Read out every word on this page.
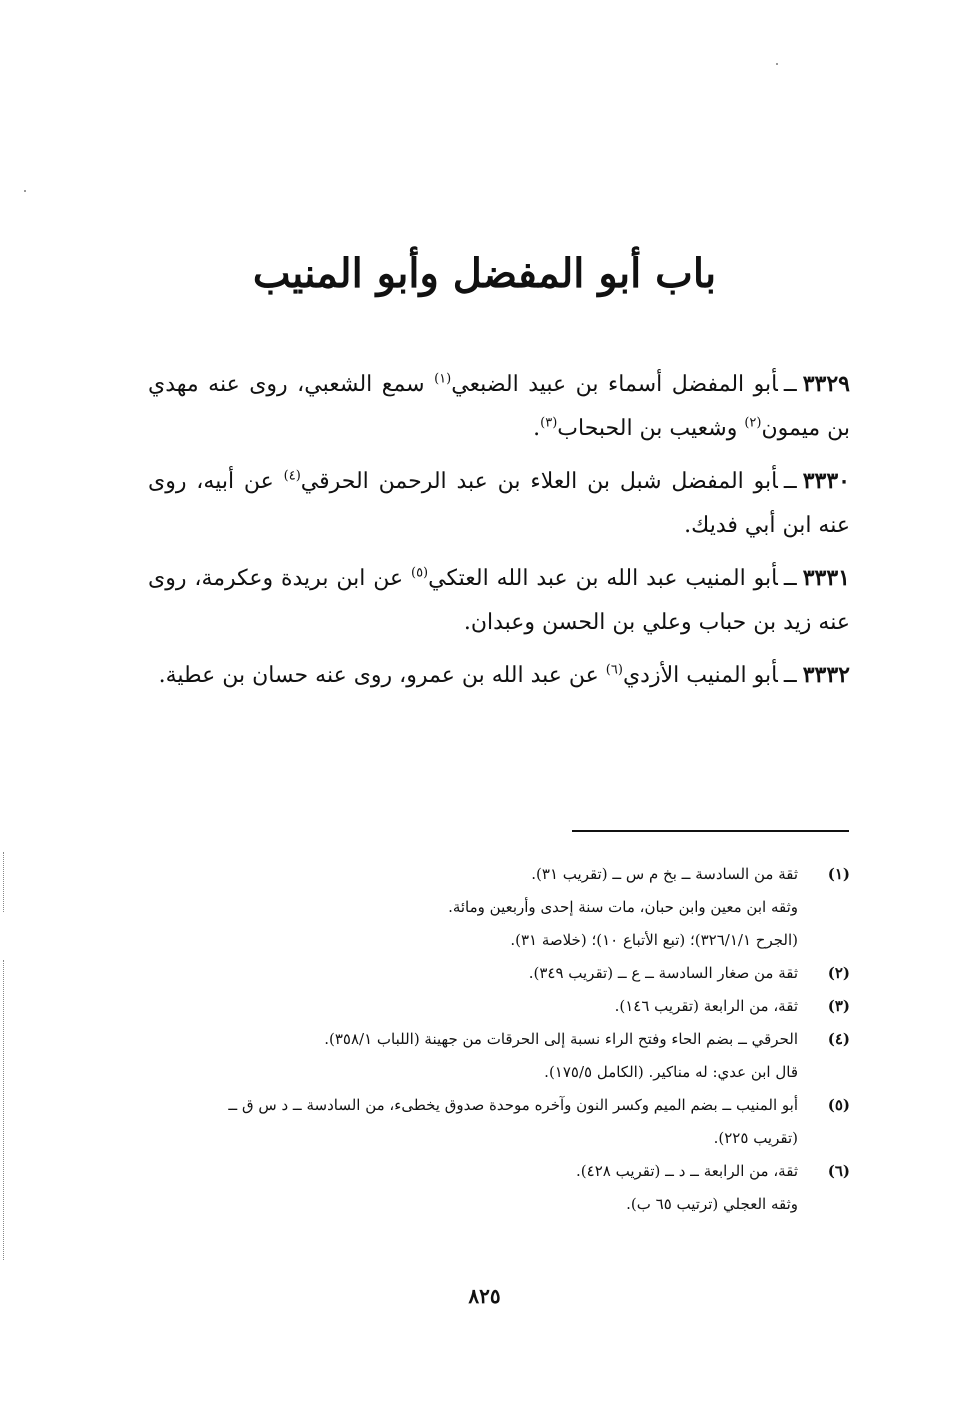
باب أبو المفضل وأبو المنيب
٣٣٢٩ــأبو المفضل أسماء بن عبيد الضبعي$^{(١)}$ سمع الشعبي، روى عنه مهدي بن ميمون$^{(٢)}$ وشعيب بن الحبحاب$^{(٣)}$.
٣٣٣٠ــأبو المفضل شبل بن العلاء بن عبد الرحمن الحرقي$^{(٤)}$ عن أبيه، روى عنه ابن أبي فديك.
٣٣٣١ــأبو المنيب عبد الله بن عبد الله العتكي$^{(٥)}$ عن ابن بريدة وعكرمة، روى عنه زيد بن حباب وعلي بن الحسن وعبدان.
٣٣٣٢ــأبو المنيب الأزدي$^{(٦)}$ عن عبد الله بن عمرو، روى عنه حسان بن عطية.
(١)
ثقة من السادسة ــ بخ م س ــ (تقريب ٣١).
وثقه ابن معين وابن حبان، مات سنة إحدى وأربعين ومائة.
(الجرح ٣٢٦/١/١)؛ (تبع الأتباع ١٠)؛ (خلاصة ٣١).
(٢)
ثقة من صغار السادسة ــ ع ــ (تقريب ٣٤٩).
(٣)
ثقة، من الرابعة (تقريب ١٤٦).
(٤)
الحرقي ــ بضم الحاء وفتح الراء نسبة إلى الحرقات من جهينة (اللباب ٣٥٨/١).
قال ابن عدي: له مناكير. (الكامل ١٧٥/٥).
(٥)
أبو المنيب ــ بضم الميم وكسر النون وآخره موحدة صدوق يخطىء، من السادسة ــ د س ق ــ
(تقريب ٢٢٥).
(٦)
ثقة، من الرابعة ــ د ــ (تقريب ٤٢٨).
وثقه العجلي (ترتيب ٦٥ ب).
٨٢٥
